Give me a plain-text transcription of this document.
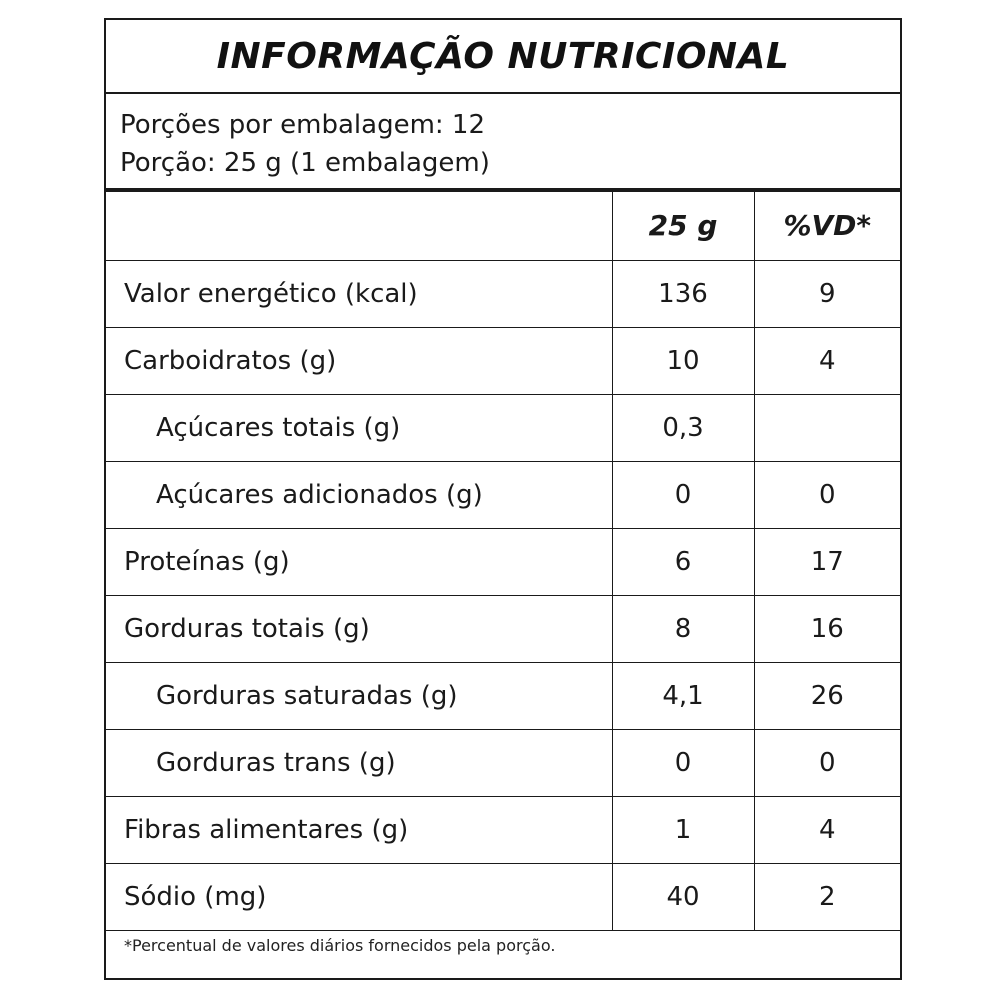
INFORMAÇÃO NUTRICIONAL
Porções por embalagem: 12
Porção: 25 g (1 embalagem)
	25 g	%VD*
Valor energético (kcal)	136	9
Carboidratos (g)	10	4
Açúcares totais (g)	0,3	
Açúcares adicionados (g)	0	0
Proteínas (g)	6	17
Gorduras totais (g)	8	16
Gorduras saturadas (g)	4,1	26
Gorduras trans (g)	0	0
Fibras alimentares (g)	1	4
Sódio (mg)	40	2
*Percentual de valores diários fornecidos pela porção.
